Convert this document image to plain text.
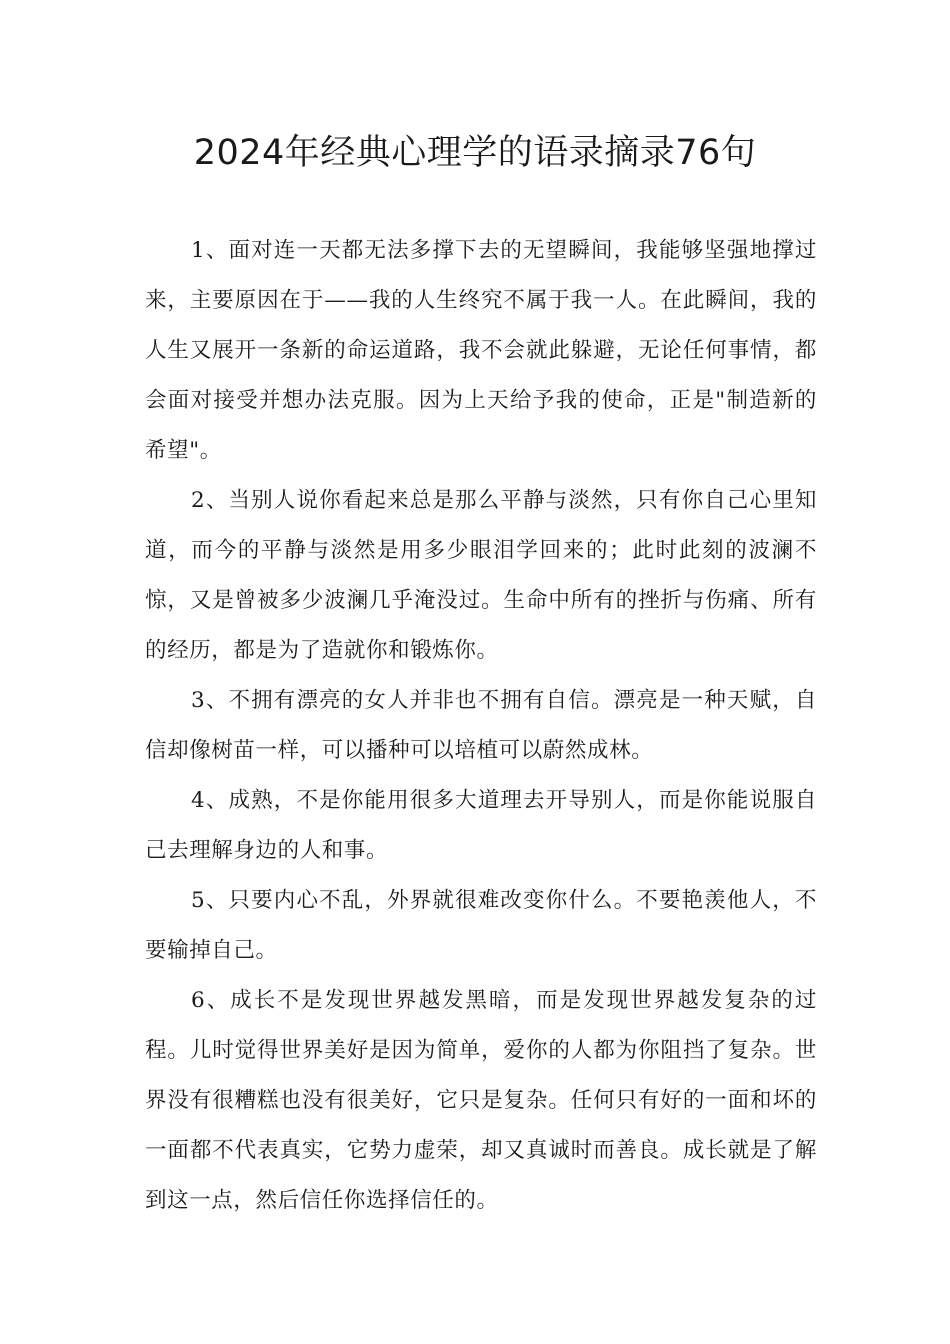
2024年经典心理学的语录摘录76句

1、面对连一天都无法多撑下去的无望瞬间，我能够坚强地撑过来，主要原因在于——我的人生终究不属于我一人。在此瞬间，我的人生又展开一条新的命运道路，我不会就此躲避，无论任何事情，都会面对接受并想办法克服。因为上天给予我的使命，正是"制造新的希望"。

2、当别人说你看起来总是那么平静与淡然，只有你自己心里知道，而今的平静与淡然是用多少眼泪学回来的；此时此刻的波澜不惊，又是曾被多少波澜几乎淹没过。生命中所有的挫折与伤痛、所有的经历，都是为了造就你和锻炼你。

3、不拥有漂亮的女人并非也不拥有自信。漂亮是一种天赋，自信却像树苗一样，可以播种可以培植可以蔚然成林。

4、成熟，不是你能用很多大道理去开导别人，而是你能说服自己去理解身边的人和事。

5、只要内心不乱，外界就很难改变你什么。不要艳羡他人，不要输掉自己。

6、成长不是发现世界越发黑暗，而是发现世界越发复杂的过程。儿时觉得世界美好是因为简单，爱你的人都为你阻挡了复杂。世界没有很糟糕也没有很美好，它只是复杂。任何只有好的一面和坏的一面都不代表真实，它势力虚荣，却又真诚时而善良。成长就是了解到这一点，然后信任你选择信任的。
